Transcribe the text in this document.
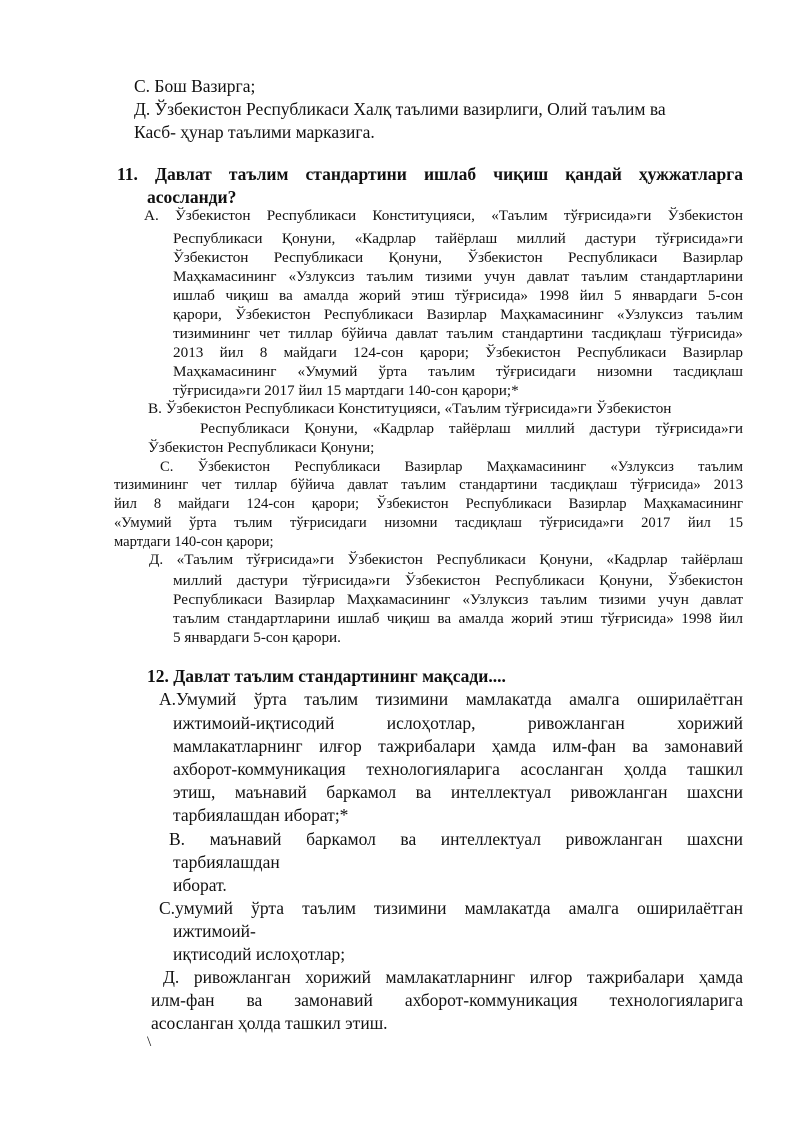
C. Бош Вазирга;
Д. Ўзбекистон Республикаси Халқ таълими вазирлиги, Олий таълим ва
Касб- ҳунар таълими марказига.
11. Давлат таълим стандартини ишлаб чиқиш қандай ҳужжатларга
асосланди?
А. Ўзбекистон Республикаси Конституцияси, «Таълим тўғрисида»ги Ўзбекистон
Республикаси Қонуни, «Кадрлар тайёрлаш миллий дастури тўғрисида»ги
Ўзбекистон Республикаси Қонуни, Ўзбекистон Республикаси Вазирлар
Маҳкамасининг «Узлуксиз таълим тизими учун давлат таълим стандартларини
ишлаб чиқиш ва амалда жорий этиш тўғрисида» 1998 йил 5 январдаги 5-сон
қарори, Ўзбекистон Республикаси Вазирлар Маҳкамасининг «Узлуксиз таълим
тизимининг чет тиллар бўйича давлат таълим стандартини тасдиқлаш тўғрисида»
2013 йил 8 майдаги 124-сон қарори; Ўзбекистон Республикаси Вазирлар
Маҳкамасининг «Умумий ўрта таълим тўғрисидаги низомни тасдиқлаш
тўғрисида»ги 2017 йил 15 мартдаги 140-сон қарори;*
В. Ўзбекистон Республикаси Конституцияси, «Таълим тўғрисида»ги Ўзбекистон
Республикаси Қонуни, «Кадрлар тайёрлаш миллий дастури тўғрисида»ги
Ўзбекистон Республикаси Қонуни;
С. Ўзбекистон Республикаси Вазирлар Маҳкамасининг «Узлуксиз таълим
тизимининг чет тиллар бўйича давлат таълим стандартини тасдиқлаш тўғрисида» 2013
йил 8 майдаги 124-сон қарори; Ўзбекистон Республикаси Вазирлар Маҳкамасининг
«Умумий ўрта тълим тўғрисидаги низомни тасдиқлаш тўғрисида»ги 2017 йил 15
мартдаги 140-сон қарори;
Д. «Таълим тўғрисида»ги Ўзбекистон Республикаси Қонуни, «Кадрлар тайёрлаш
миллий дастури тўғрисида»ги Ўзбекистон Республикаси Қонуни, Ўзбекистон
Республикаси Вазирлар Маҳкамасининг «Узлуксиз таълим тизими учун давлат
таълим стандартларини ишлаб чиқиш ва амалда жорий этиш тўғрисида» 1998 йил
5 январдаги 5-сон қарори.
12. Давлат таълим стандартининг мақсади....
А.Умумий ўрта таълим тизимини мамлакатда амалга оширилаётган
ижтимоий-иқтисодий ислоҳотлар, ривожланган хорижий
мамлакатларнинг илғор тажрибалари ҳамда илм-фан ва замонавий
ахборот-коммуникация технологияларига асосланган ҳолда ташкил
этиш, маънавий баркамол ва интеллектуал ривожланган шахсни
тарбиялашдан иборат;*
В. маънавий баркамол ва интеллектуал ривожланган шахсни
тарбиялашдан
иборат.
С.умумий ўрта таълим тизимини мамлакатда амалга оширилаётган
ижтимоий-
иқтисодий ислоҳотлар;
Д. ривожланган хорижий мамлакатларнинг илғор тажрибалари ҳамда
илм-фан ва замонавий ахборот-коммуникация технологияларига
асосланган ҳолда ташкил этиш.
\
